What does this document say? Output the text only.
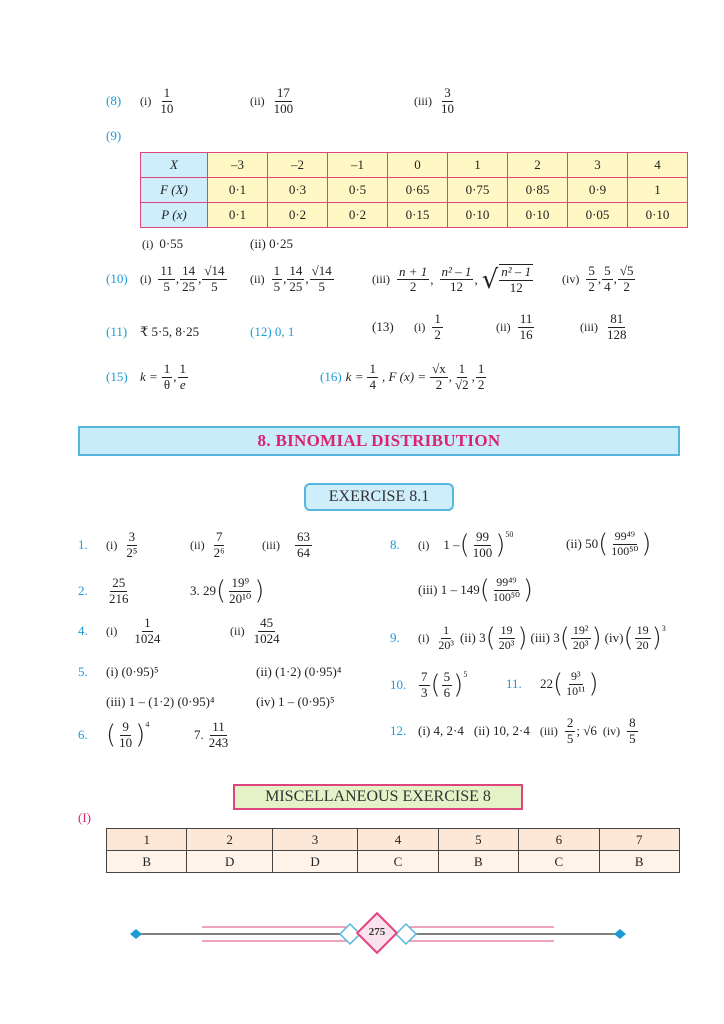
(8)	$(i) \frac{1}{10}$	$(ii) \frac{17}{100}$	$(iii) \frac{3}{10}$
(9)
X	–3	–2	–1	0	1	2	3	4
F (X)	0·1	0·3	0·5	0·65	0·75	0·85	0·9	1
P (x)	0·1	0·2	0·2	0·15	0·10	0·10	0·05	0·10
(i) 0·55	(ii) 0·25
(10)	$(i) \frac{11}{5}$ , $\frac{14}{25}$ , $\frac{√14}{5} (ii) \frac{1}{5}$ , $\frac{14}{25}$ , $\frac{√14}{5}$	$(iii) \frac{n + 1}{2}$ , $\frac{\text{n² – 1}}{12}$ , √ $\frac{\text{n² – 1}}{12} (iv) \frac{5}{2}$ , $\frac{5}{4}$ , $\frac{√5}{2}$
(11) ₹ 5·5, 8·25	(12) 0, 1	(13)	$(i) \frac{1}{2}$	$(ii) \frac{11}{16}$	$(iii) \frac{81}{128}$
(15) $k = \frac{1}{\theta}$ , $\frac{1}{e}$	(16) $k = \frac{1}{4}$ , F $(x) = \frac{√x}{2}$ , $\frac{1}{√2}$ , $\frac{1}{2}$
8. BINOMIAL DISTRIBUTION
EXERCISE 8.1
1.	$(i) \frac{3}{\text{2⁵}}$	$(ii) \frac{7}{\text{2⁶}}$	$(iii) \frac{63}{64}$
2.	$\frac{25}{216}$	3. 29 ( $\frac{\text{19⁹}}{\text{20¹⁰}}$ )
4.	$(i) \frac{1}{1024}$	$(ii) \frac{45}{1024}$
5.	(i) (0·95)⁵	(ii) (1·2) (0·95)⁴
(iii) 1 – (1·2) (0·95)⁴	(iv) 1 – (0·95)⁵
6. ( $\frac{9}{10} )^4$
7. $\frac{11}{243}$
8.	(i) 1 – ( $\frac{99}{100} )^{50}$
(ii) 50 ( $\frac{\text{99⁴⁹}}{\text{100⁵⁰}}$ )
(iii) 1 – 149 ( $\frac{\text{99⁴⁹}}{\text{100⁵⁰}}$ )
9.	$(i) \frac{1}{\text{20³}} (ii)$ 3 ( $\frac{19}{\text{20³}}$ ) (iii) 3 ( $\frac{\text{19²}}{\text{20³}}$ ) (iv) ( $\frac{19}{20} )^3$
10. $\frac{7}{3}$ ( $\frac{5}{6} )^5$
11.	22 ( $\frac{\text{9³}}{\text{10¹¹}}$ )
12. (i) 4, 2·4 (ii) 10, 2·4 $(iii) \frac{2}{5}$ ; √6 $(iv) \frac{8}{5}$
MISCELLANEOUS EXERCISE 8
(I)
1	2	3	4	5	6	7
B	D	D	C	B	C	B
275
